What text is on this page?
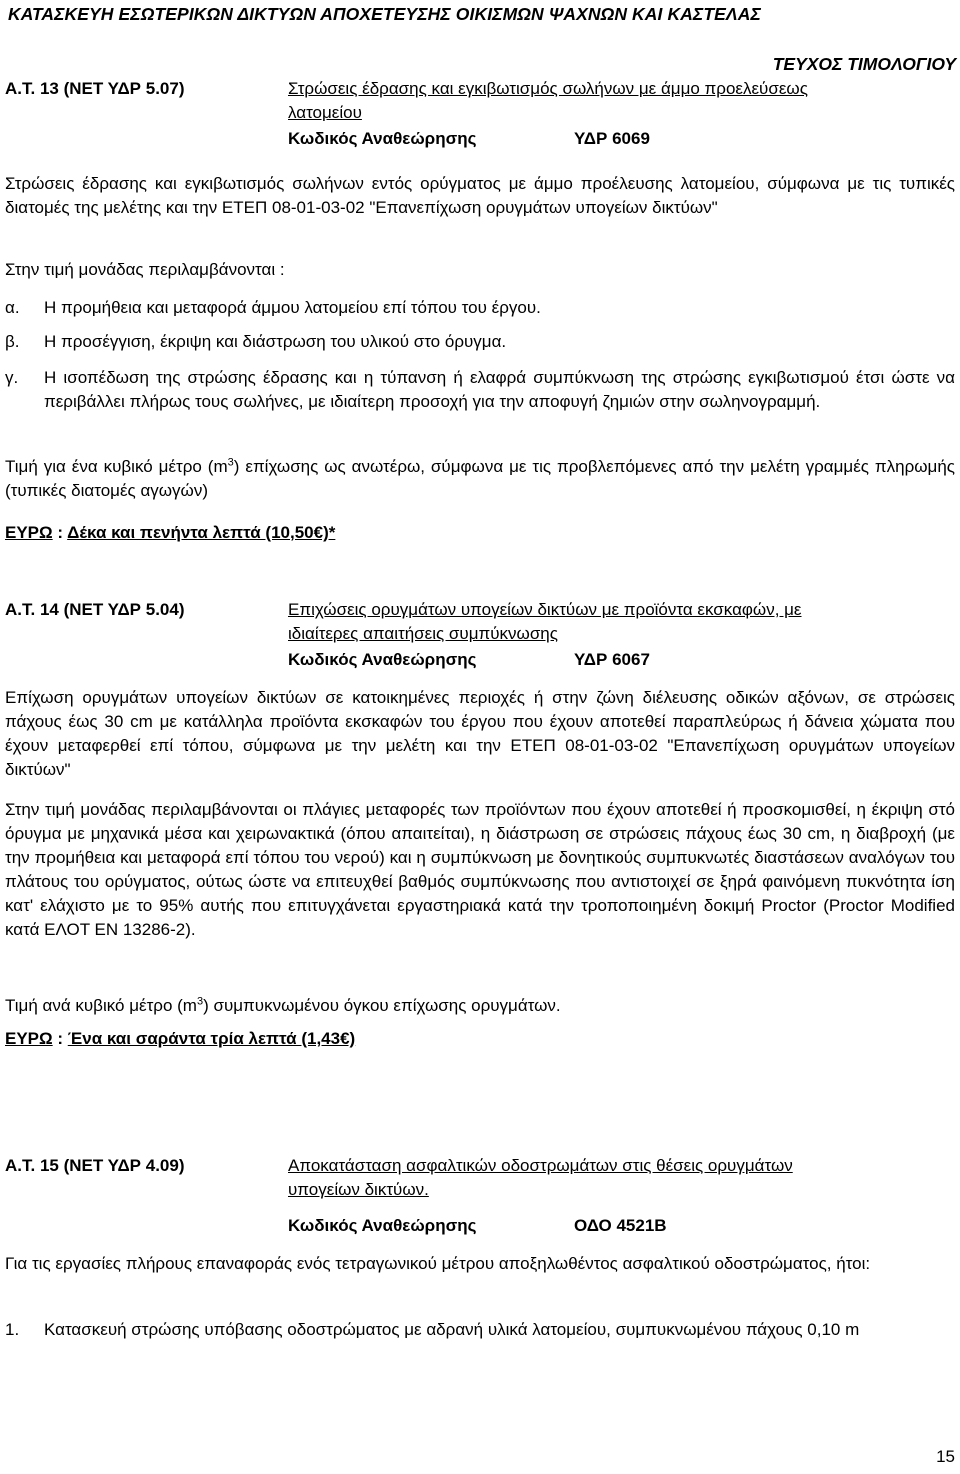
ΚΑΤΑΣΚΕΥΗ ΕΣΩΤΕΡΙΚΩΝ ΔΙΚΤΥΩΝ ΑΠΟΧΕΤΕΥΣΗΣ ΟΙΚΙΣΜΩΝ ΨΑΧΝΩΝ ΚΑΙ ΚΑΣΤΕΛΑΣ
ΤΕΥΧΟΣ ΤΙΜΟΛΟΓΙΟΥ
Α.Τ. 13 (ΝΕΤ ΥΔΡ 5.07)	Στρώσεις έδρασης και εγκιβωτισμός σωλήνων με άμμο προελεύσεως
λατομείου
Κωδικός Αναθεώρησης	ΥΔΡ 6069
Στρώσεις έδρασης και εγκιβωτισμός σωλήνων εντός ορύγματος με άμμο προέλευσης λατομείου, σύμφωνα με τις τυπικές διατομές της μελέτης και την ΕΤΕΠ 08-01-03-02 "Επανεπίχωση ορυγμάτων υπογείων δικτύων"
Στην τιμή μονάδας περιλαμβάνονται :
α. Η προμήθεια και μεταφορά άμμου λατομείου επί τόπου του έργου.
β. Η προσέγγιση, έκριψη και διάστρωση του υλικού στο όρυγμα.
γ. Η ισοπέδωση της στρώσης έδρασης και η τύπανση ή ελαφρά συμπύκνωση της στρώσης εγκιβωτισμού έτσι ώστε να περιβάλλει πλήρως τους σωλήνες, με ιδιαίτερη προσοχή για την αποφυγή ζημιών στην σωληνογραμμή.
Τιμή για ένα κυβικό μέτρο $(m^3)$ επίχωσης ως ανωτέρω, σύμφωνα με τις προβλεπόμενες από την μελέτη γραμμές πληρωμής (τυπικές διατομές αγωγών)
ΕΥΡΩ : Δέκα και πενήντα λεπτά (10,50€)*
Α.Τ. 14 (ΝΕΤ ΥΔΡ 5.04)	Επιχώσεις ορυγμάτων υπογείων δικτύων με προϊόντα εκσκαφών, με
ιδιαίτερες απαιτήσεις συμπύκνωσης
Κωδικός Αναθεώρησης	ΥΔΡ 6067
Επίχωση ορυγμάτων υπογείων δικτύων σε κατοικημένες περιοχές ή στην ζώνη διέλευσης οδικών αξόνων, σε στρώσεις πάχους έως 30 cm με κατάλληλα προϊόντα εκσκαφών του έργου που έχουν αποτεθεί παραπλεύρως ή δάνεια χώματα που έχουν μεταφερθεί επί τόπου, σύμφωνα με την μελέτη και την ΕΤΕΠ 08-01-03-02 "Επανεπίχωση ορυγμάτων υπογείων δικτύων"
Στην τιμή μονάδας περιλαμβάνονται οι πλάγιες μεταφορές των προϊόντων που έχουν αποτεθεί ή προσκομισθεί, η έκριψη στό όρυγμα με μηχανικά μέσα και χειρωνακτικά (όπου απαιτείται), η διάστρωση σε στρώσεις πάχους έως 30 cm, η διαβροχή (με την προμήθεια και μεταφορά επί τόπου του νερού) και η συμπύκνωση με δονητικούς συμπυκνωτές διαστάσεων αναλόγων του πλάτους του ορύγματος, ούτως ώστε να επιτευχθεί βαθμός συμπύκνωσης που αντιστοιχεί σε ξηρά φαινόμενη πυκνότητα ίση κατ' ελάχιστο με το 95% αυτής που επιτυγχάνεται εργαστηριακά κατά την τροποποιημένη δοκιμή Proctor (Proctor Modified κατά ΕΛΟΤ ΕΝ 13286-2).
Τιμή ανά κυβικό μέτρο $(m^3)$ συμπυκνωμένου όγκου επίχωσης ορυγμάτων.
ΕΥΡΩ : Ένα και σαράντα τρία λεπτά (1,43€)
Α.Τ. 15 (ΝΕΤ ΥΔΡ 4.09)	Αποκατάσταση ασφαλτικών οδοστρωμάτων στις θέσεις ορυγμάτων
υπογείων δικτύων.
Κωδικός Αναθεώρησης	ΟΔΟ 4521Β
Για τις εργασίες πλήρους επαναφοράς ενός τετραγωνικού μέτρου αποξηλωθέντος ασφαλτικού οδοστρώματος, ήτοι:
1. Κατασκευή στρώσης υπόβασης οδοστρώματος με αδρανή υλικά λατομείου, συμπυκνωμένου πάχους 0,10 m
15
